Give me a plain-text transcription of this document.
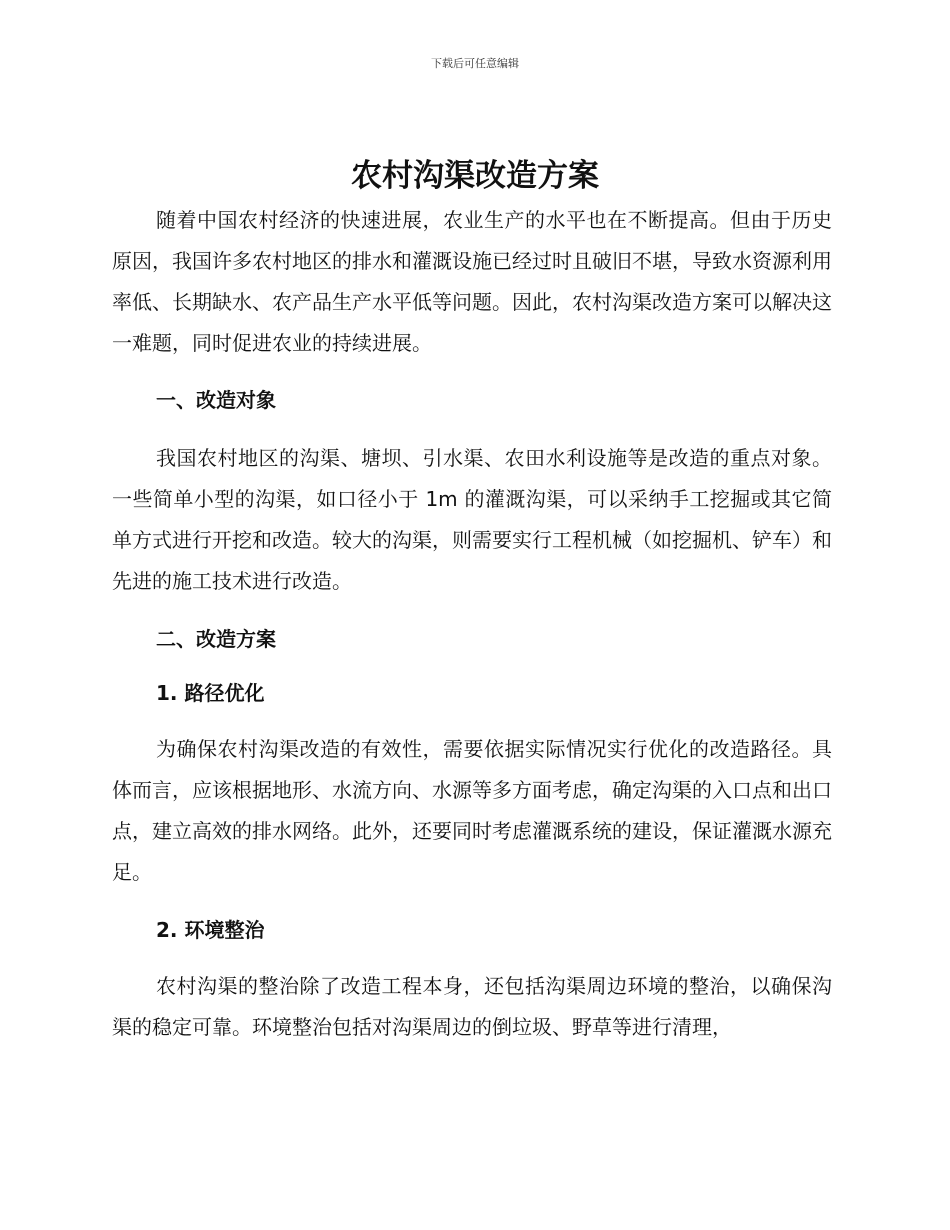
下载后可任意编辑
农村沟渠改造方案

随着中国农村经济的快速进展，农业生产的水平也在不断提高。但由于历史原因，我国许多农村地区的排水和灌溉设施已经过时且破旧不堪，导致水资源利用率低、长期缺水、农产品生产水平低等问题。因此，农村沟渠改造方案可以解决这一难题，同时促进农业的持续进展。

一、改造对象

我国农村地区的沟渠、塘坝、引水渠、农田水利设施等是改造的重点对象。一些简单小型的沟渠，如口径小于 1m 的灌溉沟渠，可以采纳手工挖掘或其它简单方式进行开挖和改造。较大的沟渠，则需要实行工程机械（如挖掘机、铲车）和先进的施工技术进行改造。

二、改造方案

1. 路径优化

为确保农村沟渠改造的有效性，需要依据实际情况实行优化的改造路径。具体而言，应该根据地形、水流方向、水源等多方面考虑，确定沟渠的入口点和出口点，建立高效的排水网络。此外，还要同时考虑灌溉系统的建设，保证灌溉水源充足。

2. 环境整治

农村沟渠的整治除了改造工程本身，还包括沟渠周边环境的整治，以确保沟渠的稳定可靠。环境整治包括对沟渠周边的倒垃圾、野草等进行清理，
